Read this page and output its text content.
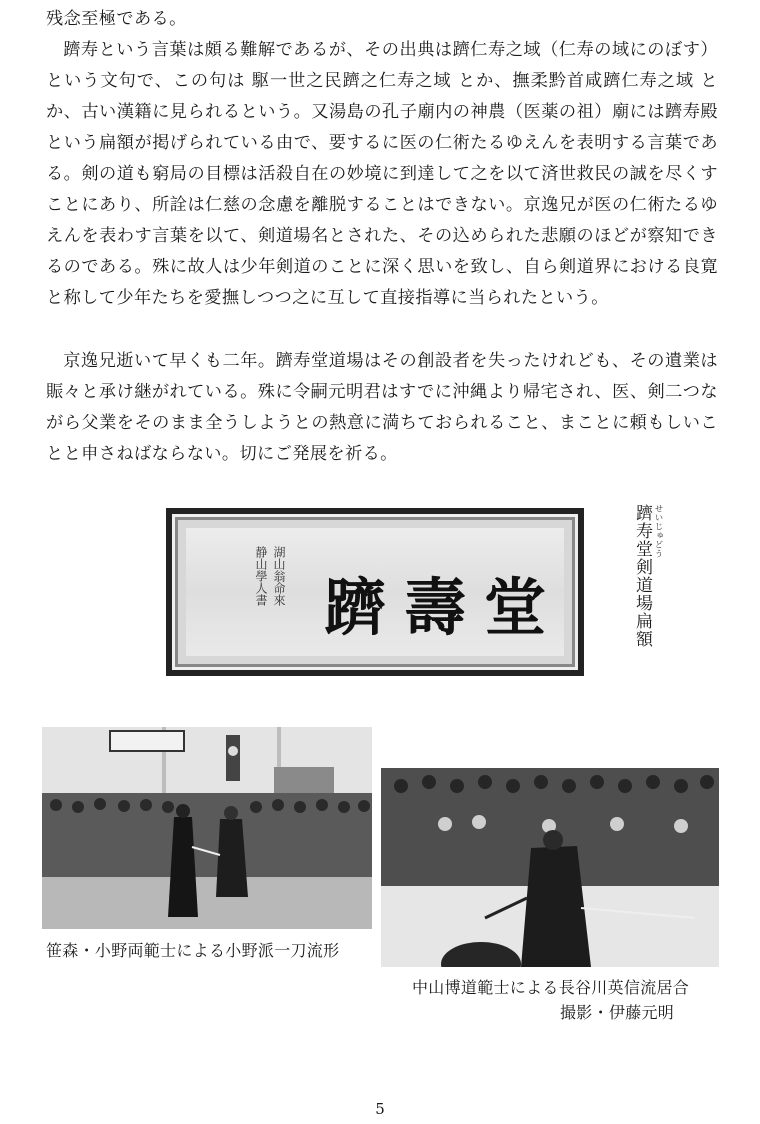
残念至極である。

躋寿という言葉は頗る難解であるが、その出典は躋仁寿之域（仁寿の域にのぼす）という文句で、この句は 駆一世之民躋之仁寿之域 とか、撫柔黔首咸躋仁寿之域 とか、古い漢籍に見られるという。又湯島の孔子廟内の神農（医薬の祖）廟には躋寿殿という扁額が掲げられている由で、要するに医の仁術たるゆえんを表明する言葉である。剣の道も窮局の目標は活殺自在の妙境に到達して之を以て済世救民の誠を尽くすことにあり、所詮は仁慈の念慮を離脱することはできない。京逸兄が医の仁術たるゆえんを表わす言葉を以て、剣道場名とされた、その込められた悲願のほどが察知できるのである。殊に故人は少年剣道のことに深く思いを致し、自ら剣道界における良寛と称して少年たちを愛撫しつつ之に互して直接指導に当られたという。

京逸兄逝いて早くも二年。躋寿堂道場はその創設者を失ったけれども、その遺業は賑々と承け継がれている。殊に令嗣元明君はすでに沖縄より帰宅され、医、剣二つながら父業をそのまま全うしようとの熱意に満ちておられること、まことに頼もしいことと申さねばならない。切にご発展を祈る。

湖山翁命來
静山學人書 躋壽堂
せいじゅどう
躋寿堂剣道場扁額
笹森・小野両範士による小野派一刀流形
中山博道範士による長谷川英信流居合
撮影・伊藤元明
5
